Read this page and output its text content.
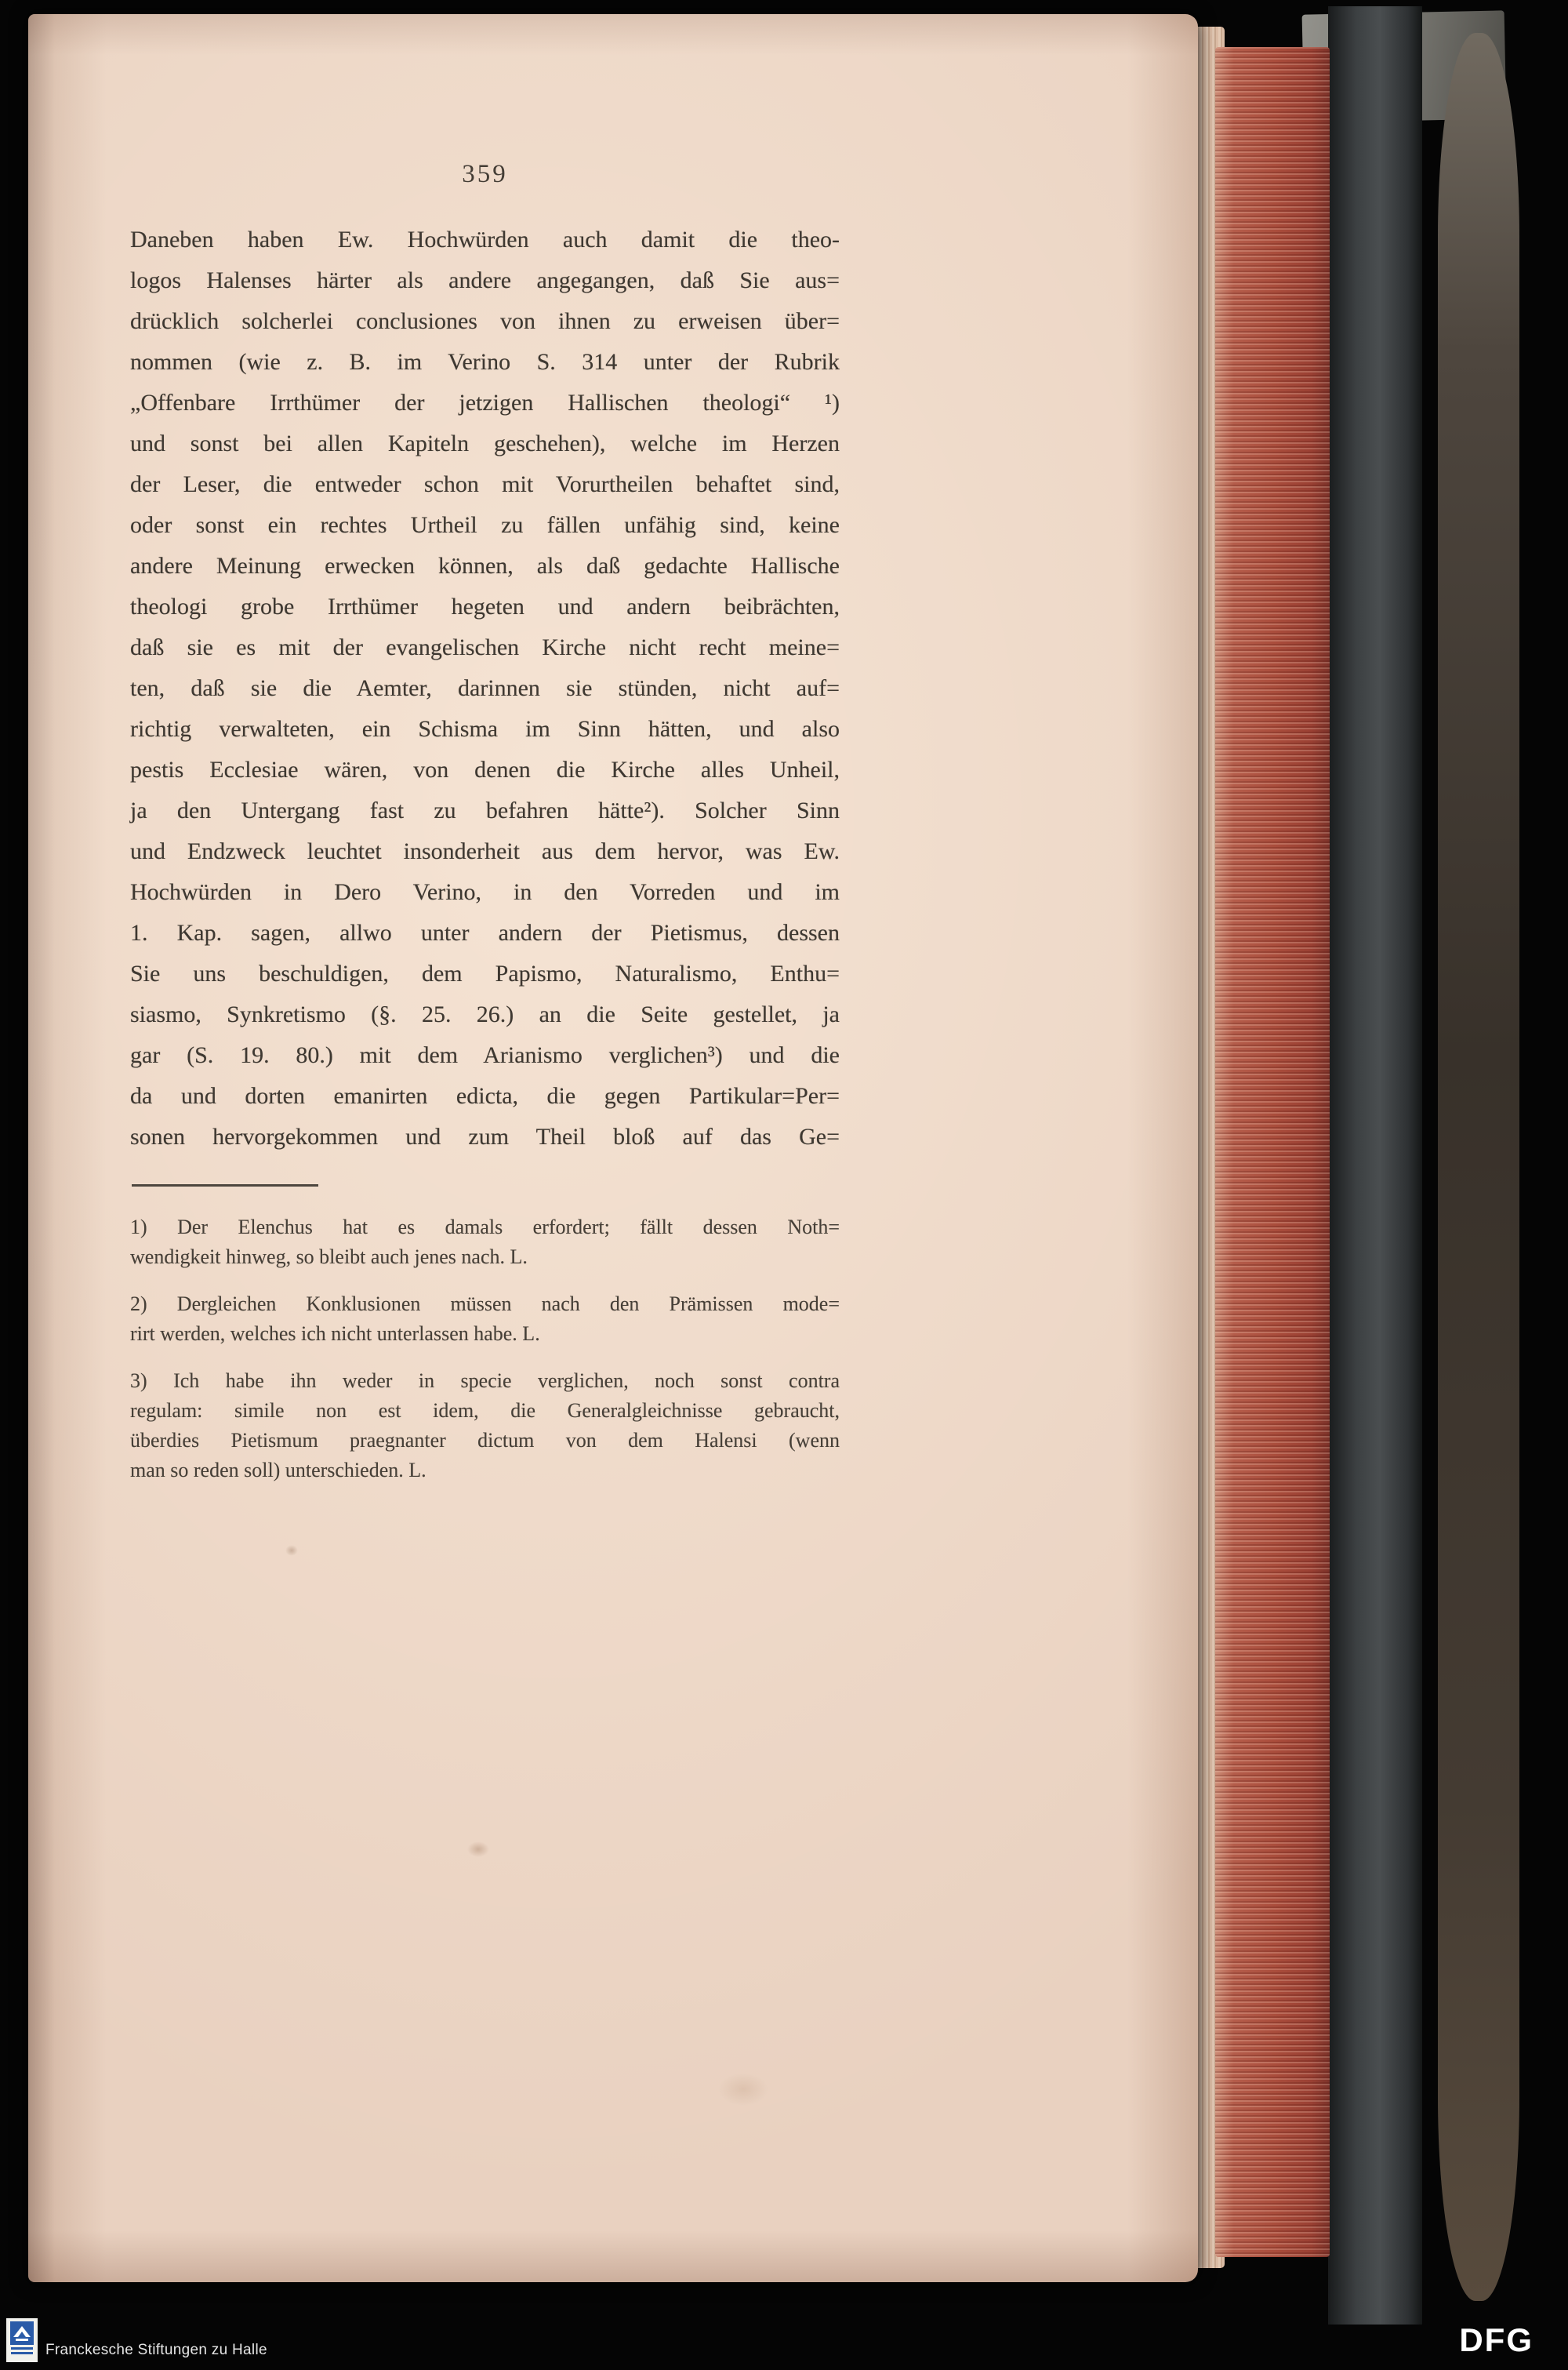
359
Daneben haben Ew. Hochwürden auch damit die theo-
logos Halenses härter als andere angegangen, daß Sie aus=
drücklich solcherlei conclusiones von ihnen zu erweisen über=
nommen (wie z. B. im Verino S. 314 unter der Rubrik
„Offenbare Irrthümer der jetzigen Hallischen theologi“ ¹)
und sonst bei allen Kapiteln geschehen), welche im Herzen
der Leser, die entweder schon mit Vorurtheilen behaftet sind,
oder sonst ein rechtes Urtheil zu fällen unfähig sind, keine
andere Meinung erwecken können, als daß gedachte Hallische
theologi grobe Irrthümer hegeten und andern beibrächten,
daß sie es mit der evangelischen Kirche nicht recht meine=
ten, daß sie die Aemter, darinnen sie stünden, nicht auf=
richtig verwalteten, ein Schisma im Sinn hätten, und also
pestis Ecclesiae wären, von denen die Kirche alles Unheil,
ja den Untergang fast zu befahren hätte²). Solcher Sinn
und Endzweck leuchtet insonderheit aus dem hervor, was Ew.
Hochwürden in Dero Verino, in den Vorreden und im
1. Kap. sagen, allwo unter andern der Pietismus, dessen
Sie uns beschuldigen, dem Papismo, Naturalismo, Enthu=
siasmo, Synkretismo (§. 25. 26.) an die Seite gestellet, ja
gar (S. 19. 80.) mit dem Arianismo verglichen³) und die
da und dorten emanirten edicta, die gegen Partikular=Per=
sonen hervorgekommen und zum Theil bloß auf das Ge=
1) Der Elenchus hat es damals erfordert; fällt dessen Noth=
wendigkeit hinweg, so bleibt auch jenes nach. L.
2) Dergleichen Konklusionen müssen nach den Prämissen mode=
rirt werden, welches ich nicht unterlassen habe. L.
3) Ich habe ihn weder in specie verglichen, noch sonst contra
regulam: simile non est idem, die Generalgleichnisse gebraucht,
überdies Pietismum praegnanter dictum von dem Halensi (wenn
man so reden soll) unterschieden. L.
Franckesche Stiftungen zu Halle	DFG
